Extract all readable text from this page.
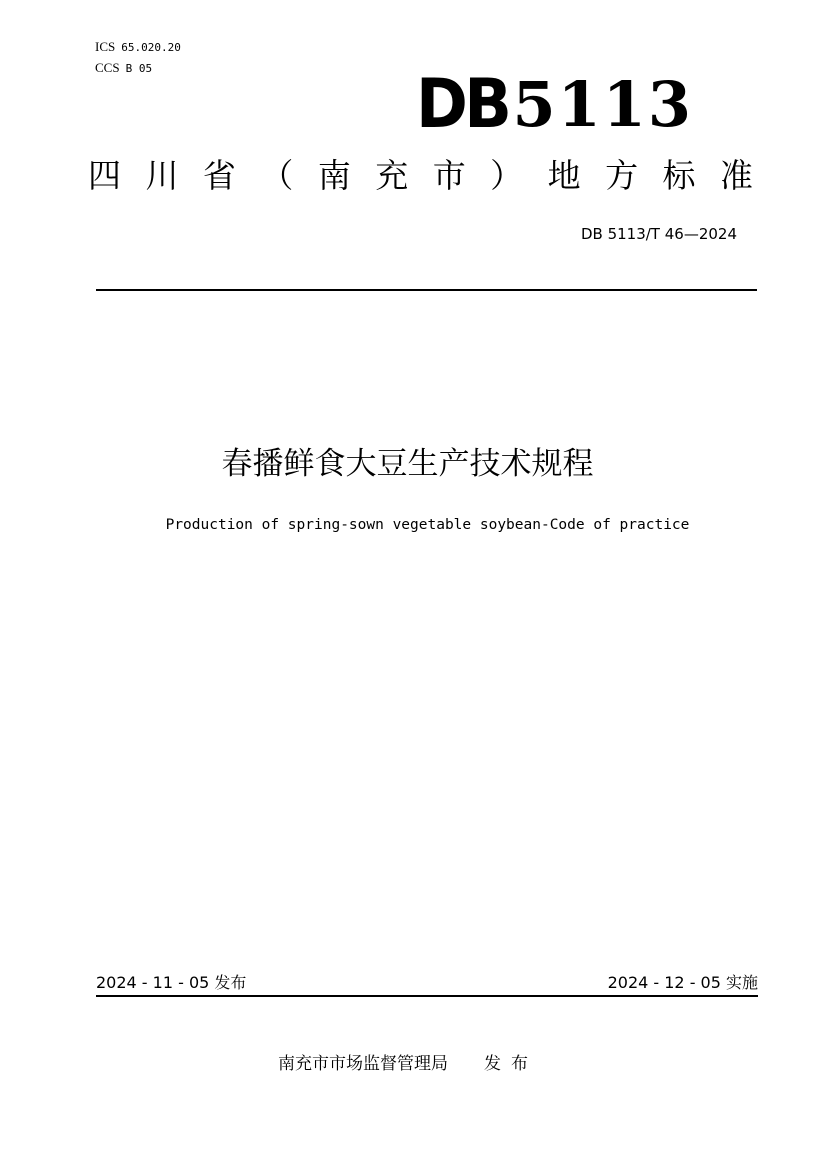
ICS 65.020.20
CCS B 05	DB 5113
四 川 省 （ 南 充 市 ） 地 方 标 准
DB 5113/T 46—2024
春播鲜食大豆生产技术规程
Production of spring-sown vegetable soybean-Code of practice
2024 - 11 - 05 发布	2024 - 12 - 05 实施
南充市市场监督管理局 发布
